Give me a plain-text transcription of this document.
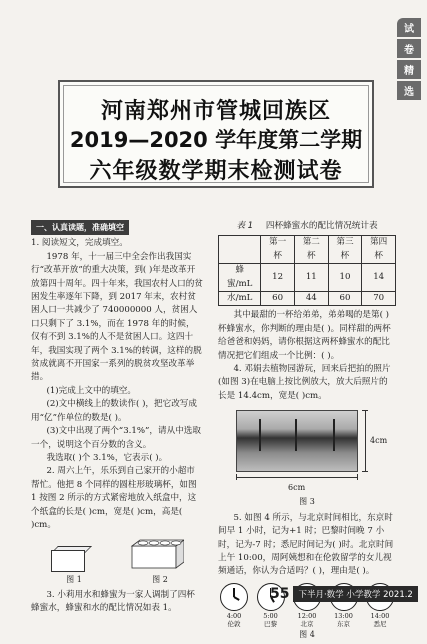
试
卷
精
选
河南郑州市管城回族区
2019—2020 学年度第二学期
六年级数学期末检测试卷
一、认真读题，准确填空

1. 阅读短文，完成填空。

1978 年，十一届三中全会作出我国实行“改革开放”的重大决策，到( )年是改革开放第四十周年。四十年来，我国农村人口的贫困发生率逐年下降，到 2017 年末，农村贫困人口一共减少了 740000000 人，贫困人口只剩下了 3.1%，而在 1978 年的时候，仅有不到 3.1%的人不是贫困人口。这四十年，我国实现了两个 3.1%的转调，这样的脱贫成就离不开国家一系列的脱贫攻坚改革举措。

(1)完成上文中的填空。

(2)文中横线上的数读作( )，把它改写成用“亿”作单位的数是( )。

(3)文中出现了两个“3.1%”，请从中选取一个，说明这个百分数的含义。

我选取( )个 3.1%，它表示( )。

2. 周六上午，乐乐到自己家开的小超市帮忙。他把 8 个同样的圆柱形玻璃杯，如图 1 按图 2 所示的方式紧密地放入纸盒中，这个纸盒的长是( )cm，宽是( )cm，高是( )cm。

图 1	图 2

3. 小莉用水和蜂蜜为一家人调制了四杯蜂蜜水，蜂蜜和水的配比情况如表 1。

表 1 四杯蜂蜜水的配比情况统计表
	第一杯	第二杯	第三杯	第四杯
蜂蜜/mL	12	11	10	14
水/mL	60	44	60	70

其中最甜的一杯给弟弟，弟弟喝的是第( )杯蜂蜜水，你判断的理由是( )。同样甜的两杯给爸爸和妈妈，请你根据这两杯蜂蜜水的配比情况把它们组成一个比例：( )。

4. 邓娟去植物园游玩，回来后把拍的照片(如图 3)在电脑上按比例放大，放大后照片的长是 14.4cm，宽是( )cm。

4cm
6cm
图 3

5. 如图 4 所示，与北京时间相比，东京时间早 1 小时，记为+1 时；巴黎时间晚 7 小时，记为-7 时；悉尼时间记为( )时。北京时间上午 10:00，周阿姨想和在伦敦留学的女儿视频通话，你认为合适吗？( )，理由是( )。

4:00
伦敦
5:00
巴黎
12:00
北京
13:00
东京
14:00
悉尼
图 4
55	下半月·数学 小学教学 2021.2
